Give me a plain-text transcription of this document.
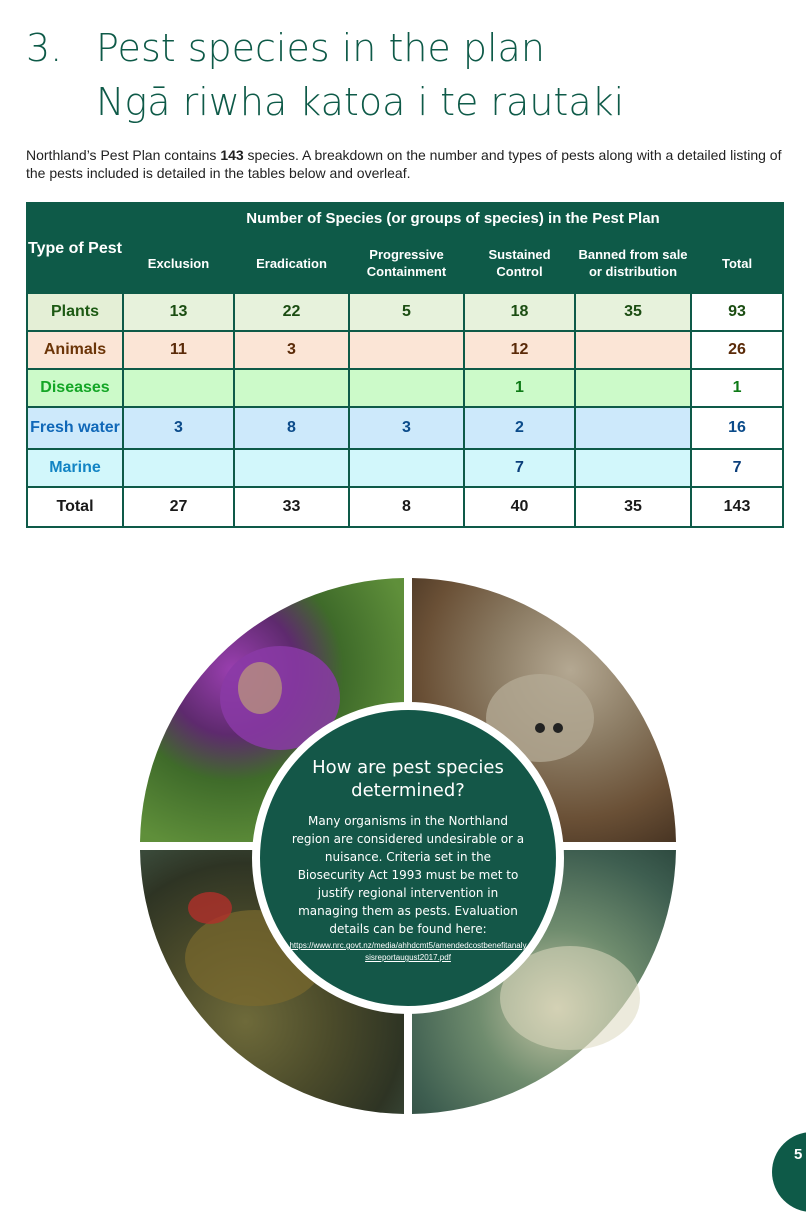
3. Pest species in the plan
Ngā riwha katoa i te rautaki

Northland’s Pest Plan contains 143 species. A breakdown on the number and types of pests along with a detailed listing of the pests included is detailed in the tables below and overleaf.

Type of Pest	Number of Species (or groups of species) in the Pest Plan					
	Exclusion	Eradication	Progressive Containment	Sustained Control	Banned from sale or distribution	Total
Plants	13	22	5	18	35	93
Animals	11	3		12		26
Diseases				1		1
Fresh water	3	8	3	2		16
Marine				7		7
Total	27	33	8	40	35	143
How are pest species determined?
Many organisms in the Northland region are considered undesirable or a nuisance. Criteria set in the Biosecurity Act 1993 must be met to justify regional intervention in managing them as pests. Evaluation details can be found here:
https://www.nrc.govt.nz/media/ahhdcmt5/amendedcostbenefitanalysisreportaugust2017.pdf
5
